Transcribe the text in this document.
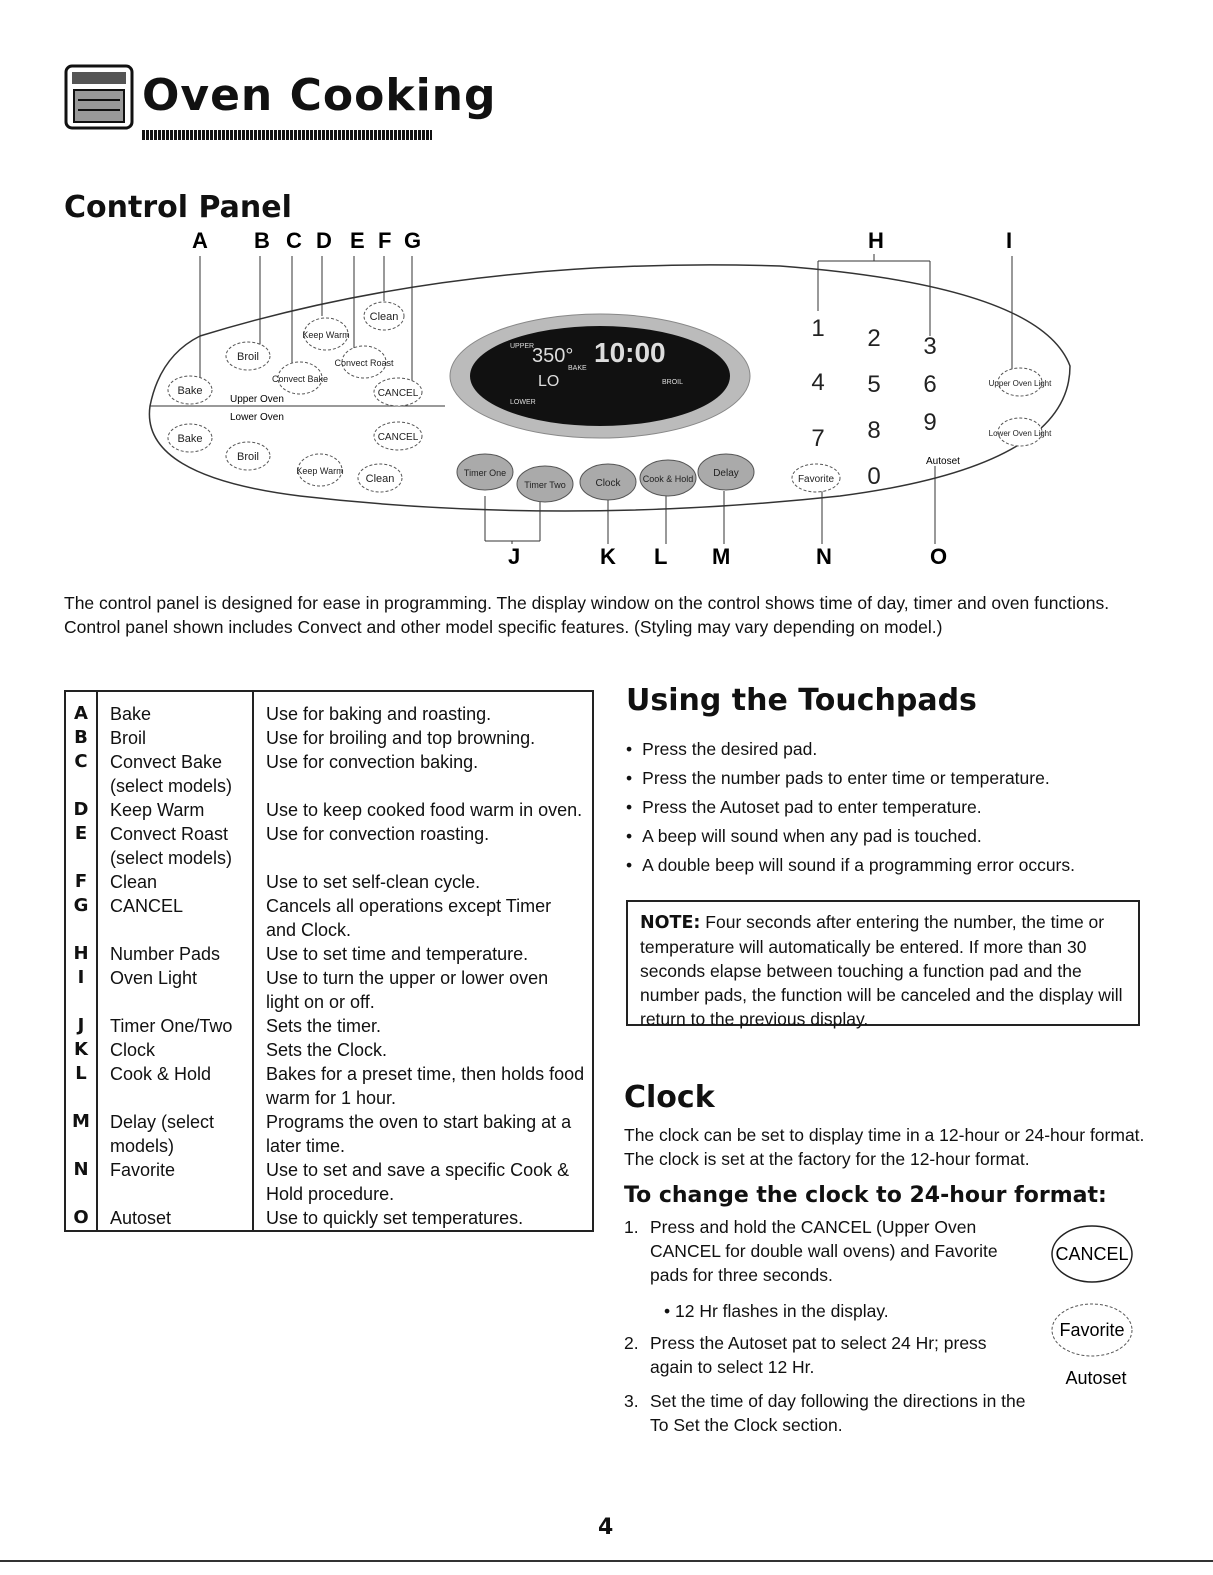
Oven Cooking
Control Panel
A B C D E F G	H	I
J	K L M	N	O
Upper Oven
Lower Oven
Bake
Broil
Convect Bake
Keep Warm
Convect Roast
Clean
CANCEL
Bake
Broil
Keep Warm
Clean
CANCEL
Favorite
Upper Oven Light
Lower Oven Light
Timer One
Timer Two	Clock Cook & Hold Delay
UPPER
350° 10:00
BAKE
LO	BROIL
LOWER
1 2 3
4 5 6
7 8 9
0
Autoset
The control panel is designed for ease in programming. The display window on the control shows time of day, timer and oven functions. Control panel shown includes Convect and other model specific features. (Styling may vary depending on model.)
A	Bake	Use for baking and roasting.
B	Broil	Use for broiling and top browning.
C	Convect Bake (select models)	Use for convection baking.
D	Keep Warm	Use to keep cooked food warm in oven.
E	Convect Roast (select models)	Use for convection roasting.
F	Clean	Use to set self-clean cycle.
G	CANCEL	Cancels all operations except Timer and Clock.
H	Number Pads	Use to set time and temperature.
I	Oven Light	Use to turn the upper or lower oven light on or off.
J	Timer One/Two	Sets the timer.
K	Clock	Sets the Clock.
L	Cook & Hold	Bakes for a preset time, then holds food warm for 1 hour.
M	Delay (select models)	Programs the oven to start baking at a later time.
N	Favorite	Use to set and save a specific Cook & Hold procedure.
O	Autoset	Use to quickly set temperatures.
Using the Touchpads
• Press the desired pad.
• Press the number pads to enter time or temperature.
• Press the Autoset pad to enter temperature.
• A beep will sound when any pad is touched.
• A double beep will sound if a programming error occurs.
NOTE: Four seconds after entering the number, the time or temperature will automatically be entered. If more than 30 seconds elapse between touching a function pad and the number pads, the function will be canceled and the display will return to the previous display.
Clock
The clock can be set to display time in a 12-hour or 24-hour format. The clock is set at the factory for the 12-hour format.
To change the clock to 24-hour format:
1. Press and hold the CANCEL (Upper Oven CANCEL for double wall ovens) and Favorite pads for three seconds.
• 12 Hr flashes in the display.
2. Press the Autoset pat to select 24 Hr; press again to select 12 Hr.
3. Set the time of day following the directions in the To Set the Clock section.
CANCEL
Favorite
Autoset
4
